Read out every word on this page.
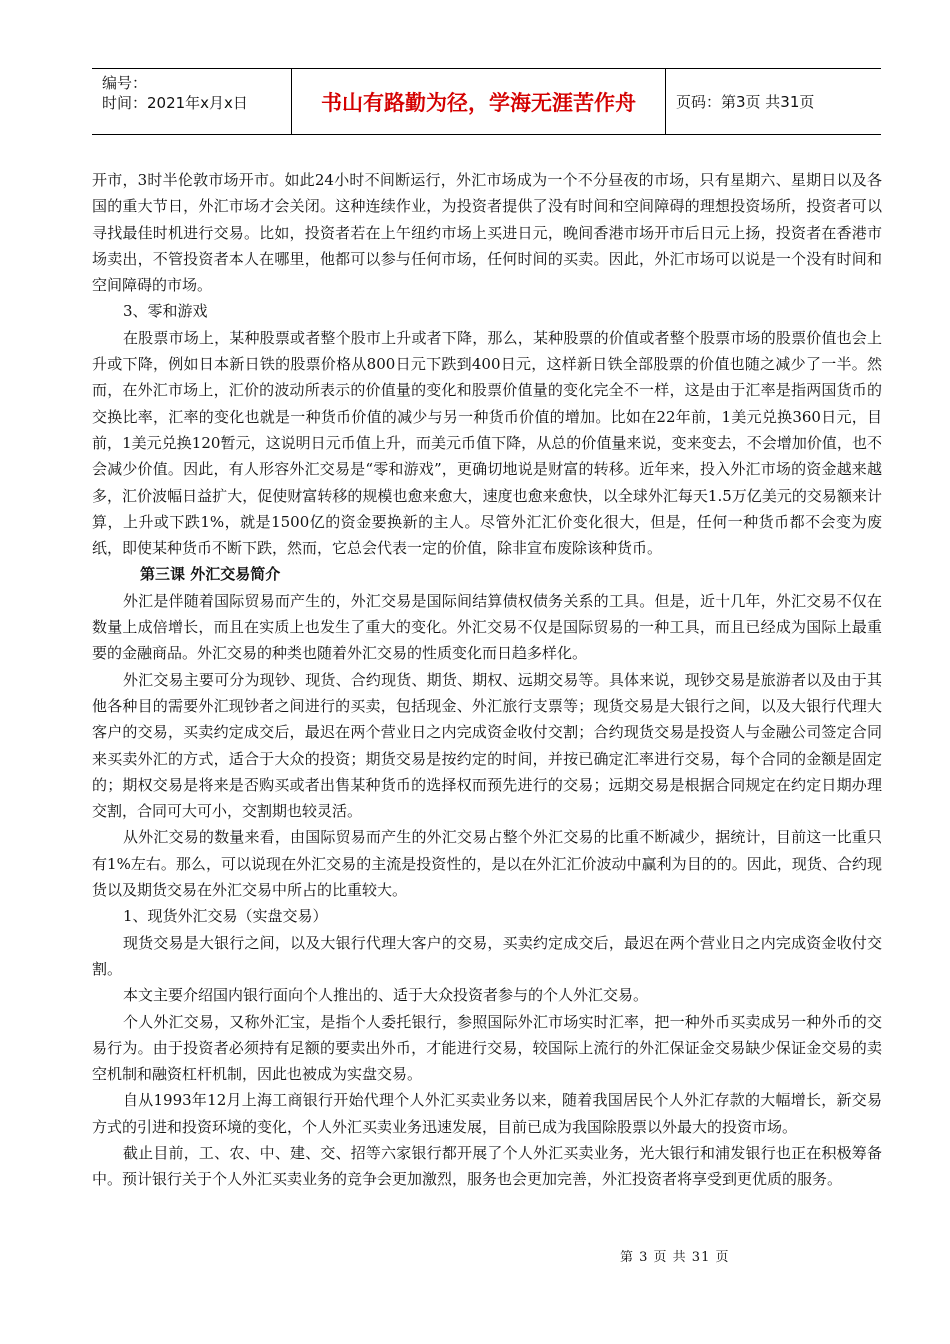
编号：
时间：2021年x月x日	书山有路勤为径，学海无涯苦作舟	页码：第3页 共31页

开市，3时半伦敦市场开市。如此24小时不间断运行，外汇市场成为一个不分昼夜的市场，只有星期六、星期日以及各国的重大节日，外汇市场才会关闭。这种连续作业，为投资者提供了没有时间和空间障碍的理想投资场所，投资者可以寻找最佳时机进行交易。比如，投资者若在上午纽约市场上买进日元，晚间香港市场开市后日元上扬，投资者在香港市场卖出，不管投资者本人在哪里，他都可以参与任何市场，任何时间的买卖。因此，外汇市场可以说是一个没有时间和空间障碍的市场。

3、零和游戏

在股票市场上，某种股票或者整个股市上升或者下降，那么，某种股票的价值或者整个股票市场的股票价值也会上升或下降，例如日本新日铁的股票价格从800日元下跌到400日元，这样新日铁全部股票的价值也随之减少了一半。然而，在外汇市场上，汇价的波动所表示的价值量的变化和股票价值量的变化完全不一样，这是由于汇率是指两国货币的交换比率，汇率的变化也就是一种货币价值的减少与另一种货币价值的增加。比如在22年前，1美元兑换360日元，目前，1美元兑换120暂元，这说明日元币值上升，而美元币值下降，从总的价值量来说，变来变去，不会增加价值，也不会减少价值。因此，有人形容外汇交易是“零和游戏”，更确切地说是财富的转移。近年来，投入外汇市场的资金越来越多，汇价波幅日益扩大，促使财富转移的规模也愈来愈大，速度也愈来愈快，以全球外汇每天1.5万亿美元的交易额来计算，上升或下跌1%，就是1500亿的资金要换新的主人。尽管外汇汇价变化很大，但是，任何一种货币都不会变为废纸，即使某种货币不断下跌，然而，它总会代表一定的价值，除非宣布废除该种货币。

第三课 外汇交易简介

外汇是伴随着国际贸易而产生的，外汇交易是国际间结算债权债务关系的工具。但是，近十几年，外汇交易不仅在数量上成倍增长，而且在实质上也发生了重大的变化。外汇交易不仅是国际贸易的一种工具，而且已经成为国际上最重要的金融商品。外汇交易的种类也随着外汇交易的性质变化而日趋多样化。

外汇交易主要可分为现钞、现货、合约现货、期货、期权、远期交易等。具体来说，现钞交易是旅游者以及由于其他各种目的需要外汇现钞者之间进行的买卖，包括现金、外汇旅行支票等；现货交易是大银行之间，以及大银行代理大客户的交易，买卖约定成交后，最迟在两个营业日之内完成资金收付交割；合约现货交易是投资人与金融公司签定合同来买卖外汇的方式，适合于大众的投资；期货交易是按约定的时间，并按已确定汇率进行交易，每个合同的金额是固定的；期权交易是将来是否购买或者出售某种货币的选择权而预先进行的交易；远期交易是根据合同规定在约定日期办理交割，合同可大可小，交割期也较灵活。

从外汇交易的数量来看，由国际贸易而产生的外汇交易占整个外汇交易的比重不断减少，据统计，目前这一比重只有1%左右。那么，可以说现在外汇交易的主流是投资性的，是以在外汇汇价波动中赢利为目的的。因此，现货、合约现货以及期货交易在外汇交易中所占的比重较大。

1、现货外汇交易（实盘交易）

现货交易是大银行之间，以及大银行代理大客户的交易，买卖约定成交后，最迟在两个营业日之内完成资金收付交割。

本文主要介绍国内银行面向个人推出的、适于大众投资者参与的个人外汇交易。

个人外汇交易，又称外汇宝，是指个人委托银行，参照国际外汇市场实时汇率，把一种外币买卖成另一种外币的交易行为。由于投资者必须持有足额的要卖出外币，才能进行交易，较国际上流行的外汇保证金交易缺少保证金交易的卖空机制和融资杠杆机制，因此也被成为实盘交易。

自从1993年12月上海工商银行开始代理个人外汇买卖业务以来，随着我国居民个人外汇存款的大幅增长，新交易方式的引进和投资环境的变化，个人外汇买卖业务迅速发展，目前已成为我国除股票以外最大的投资市场。

截止目前，工、农、中、建、交、招等六家银行都开展了个人外汇买卖业务，光大银行和浦发银行也正在积极筹备中。预计银行关于个人外汇买卖业务的竞争会更加激烈，服务也会更加完善，外汇投资者将享受到更优质的服务。

第 3 页 共 31 页
